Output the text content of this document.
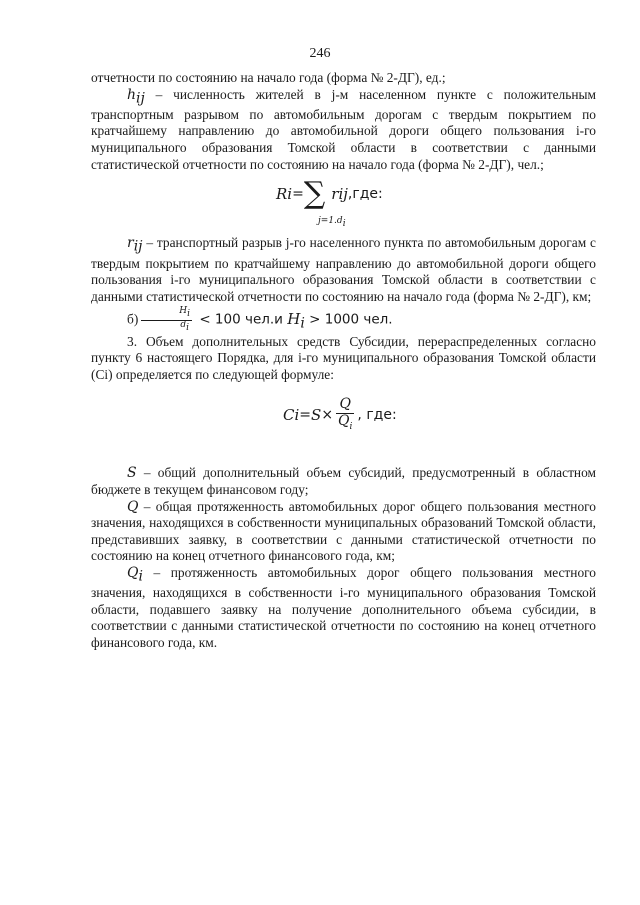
246

отчетности по состоянию на начало года (форма № 2-ДГ), ед.;

$h_{ij}$ – численность жителей в j-м населенном пункте с положительным транспортным разрывом по автомобильным дорогам с твердым покрытием по кратчайшему направлению до автомобильной дороги общего пользования i-го муниципального образования Томской области в соответствии с данными статистической отчетности по состоянию на начало года (форма № 2-ДГ), чел.;

R i = ∑ r ij ,где:
$j=1.d_i$

$r_{ij}$ – транспортный разрыв j-го населенного пункта по автомобильным дорогам с твердым покрытием по кратчайшему направлению до автомобильной дороги общего пользования i-го муниципального образования Томской области в соответствии с данными статистической отчетности по состоянию на начало года (форма № 2-ДГ), км;

$б) \frac{H_i}{d_i} < 100$ чел.и $H_i > 1000$ чел.

3. Объем дополнительных средств Субсидии, перераспределенных согласно пункту 6 настоящего Порядка, для i-го муниципального образования Томской области (Ci) определяется по следующей формуле:

C $i = S \times \frac{Q}{Q_i}$ , где:

S – общий дополнительный объем субсидий, предусмотренный в областном бюджете в текущем финансовом году;

Q – общая протяженность автомобильных дорог общего пользования местного значения, находящихся в собственности муниципальных образований Томской области, представивших заявку, в соответствии с данными статистической отчетности по состоянию на конец отчетного финансового года, км;

$Q_i$ – протяженность автомобильных дорог общего пользования местного значения, находящихся в собственности i-го муниципального образования Томской области, подавшего заявку на получение дополнительного объема субсидии, в соответствии с данными статистической отчетности по состоянию на конец отчетного финансового года, км.
